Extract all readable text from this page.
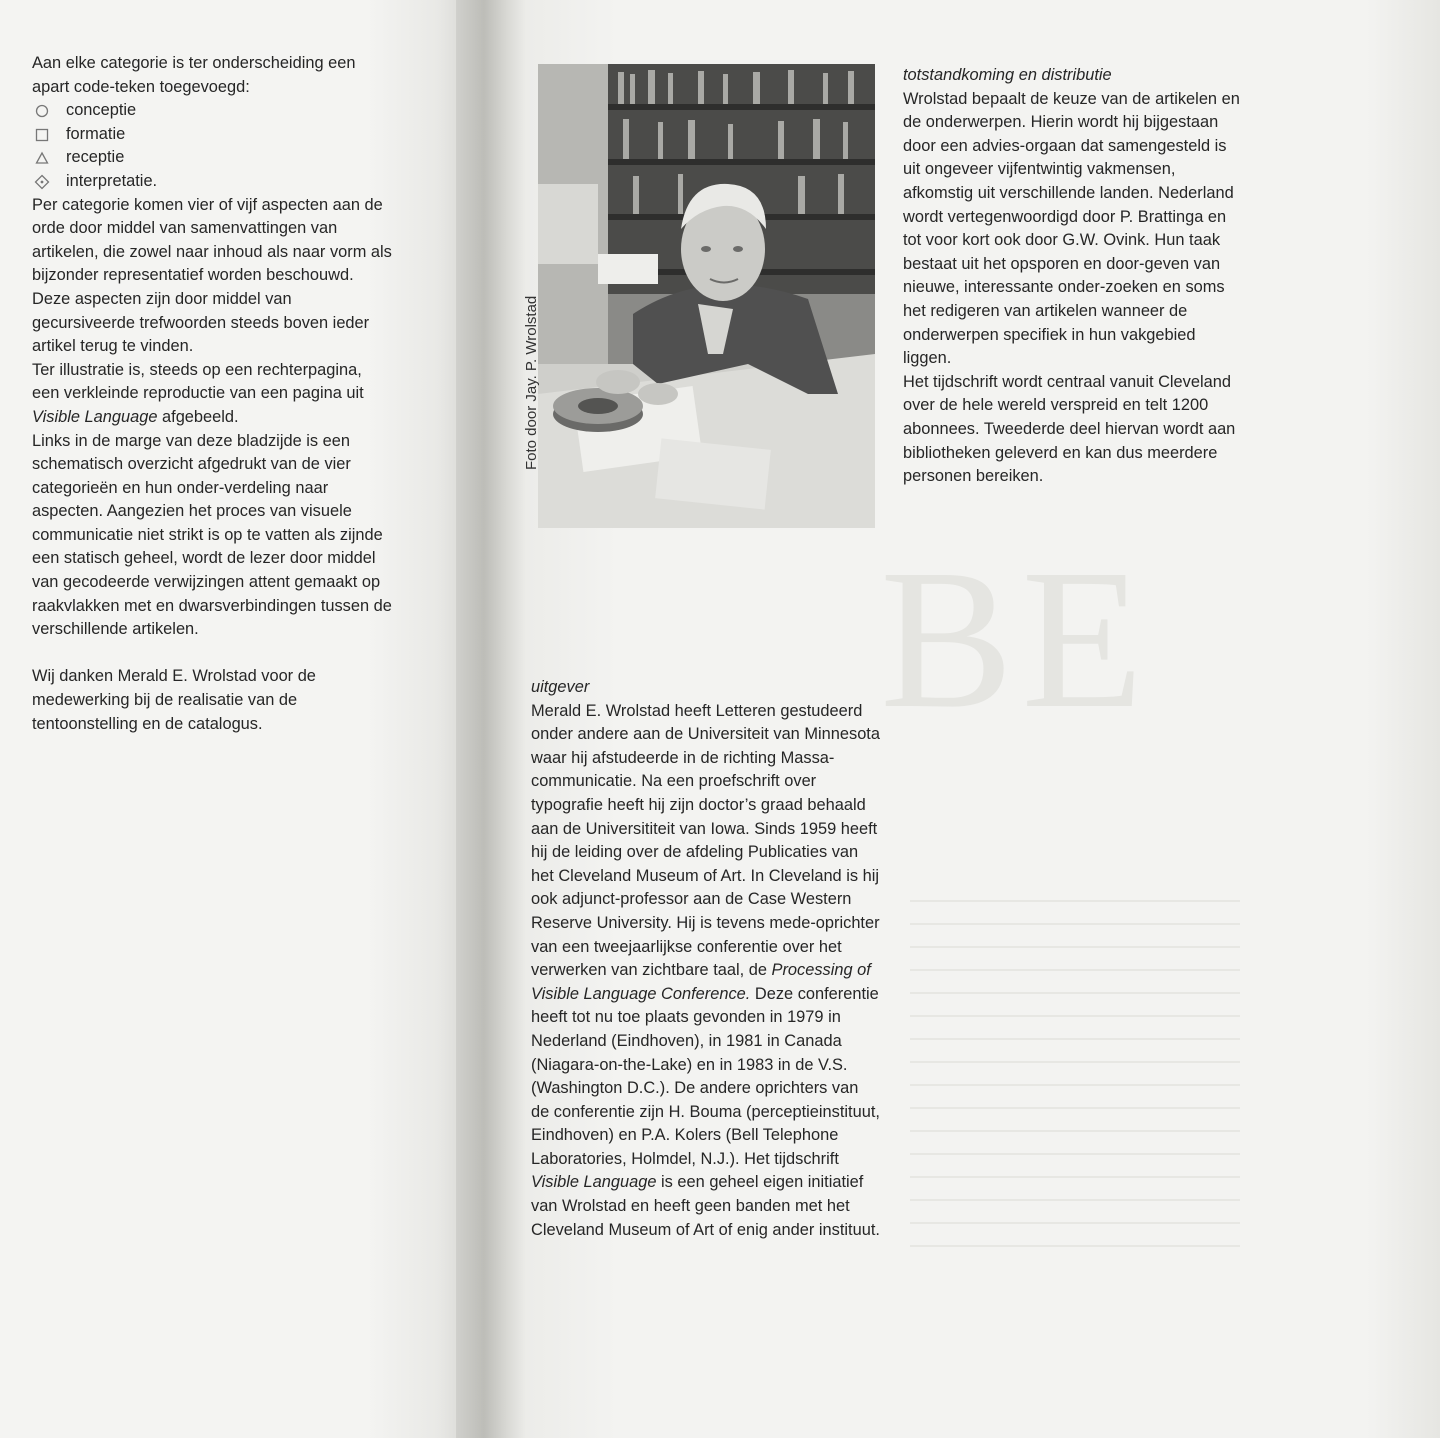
BE

Aan elke categorie is ter onderscheiding een apart code-teken toegevoegd:

conceptie
formatie
receptie
interpretatie.

Per categorie komen vier of vijf aspecten aan de orde door middel van samenvattingen van artikelen, die zowel naar inhoud als naar vorm als bijzonder representatief worden beschouwd. Deze aspecten zijn door middel van gecursiveerde trefwoorden steeds boven ieder artikel terug te vinden.

Ter illustratie is, steeds op een rechterpagina, een verkleinde reproductie van een pagina uit Visible Language afgebeeld.

Links in de marge van deze bladzijde is een schematisch overzicht afgedrukt van de vier categorieën en hun onder-verdeling naar aspecten. Aangezien het proces van visuele communicatie niet strikt is op te vatten als zijnde een statisch geheel, wordt de lezer door middel van gecodeerde verwijzingen attent gemaakt op raakvlakken met en dwarsverbindingen tussen de verschillende artikelen.

Wij danken Merald E. Wrolstad voor de medewerking bij de realisatie van de tentoonstelling en de catalogus.

Foto door Jay. P. Wrolstad

totstandkoming en distributie

Wrolstad bepaalt de keuze van de artikelen en de onderwerpen. Hierin wordt hij bijgestaan door een advies-orgaan dat samengesteld is uit ongeveer vijfentwintig vakmensen, afkomstig uit verschillende landen. Nederland wordt vertegenwoordigd door P. Brattinga en tot voor kort ook door G.W. Ovink. Hun taak bestaat uit het opsporen en door-geven van nieuwe, interessante onder-zoeken en soms het redigeren van artikelen wanneer de onderwerpen specifiek in hun vakgebied liggen.

Het tijdschrift wordt centraal vanuit Cleveland over de hele wereld verspreid en telt 1200 abonnees. Tweederde deel hiervan wordt aan bibliotheken geleverd en kan dus meerdere personen bereiken.

uitgever

Merald E. Wrolstad heeft Letteren gestudeerd onder andere aan de Universiteit van Minnesota waar hij afstudeerde in de richting Massa-communicatie. Na een proefschrift over typografie heeft hij zijn doctor’s graad behaald aan de Universititeit van Iowa. Sinds 1959 heeft hij de leiding over de afdeling Publicaties van het Cleveland Museum of Art. In Cleveland is hij ook adjunct-professor aan de Case Western Reserve University. Hij is tevens mede-oprichter van een tweejaarlijkse conferentie over het verwerken van zichtbare taal, de Processing of Visible Language Conference. Deze conferentie heeft tot nu toe plaats gevonden in 1979 in Nederland (Eindhoven), in 1981 in Canada (Niagara-on-the-Lake) en in 1983 in de V.S. (Washington D.C.). De andere oprichters van de conferentie zijn H. Bouma (perceptieinstituut, Eindhoven) en P.A. Kolers (Bell Telephone Laboratories, Holmdel, N.J.). Het tijdschrift Visible Language is een geheel eigen initiatief van Wrolstad en heeft geen banden met het Cleveland Museum of Art of enig ander instituut.
